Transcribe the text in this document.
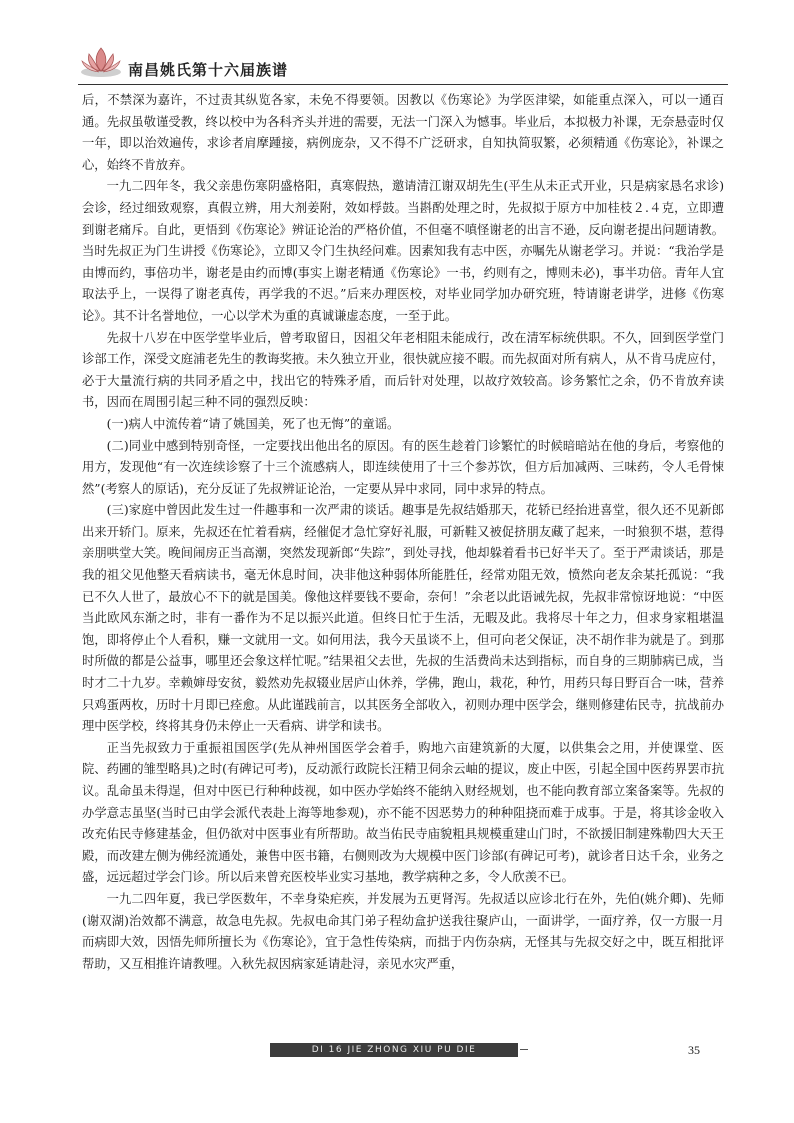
南昌姚氏第十六届族谱

后，不禁深为嘉许，不过责其纵览各家，未免不得要领。因教以《伤寒论》为学医津梁，如能重点深入，可以一通百通。先叔虽敬谨受教，终以校中为各科齐头并进的需要，无法一门深入为憾事。毕业后，本拟极力补课，无奈悬壶时仅一年，即以治效遍传，求诊者肩摩踵接，病例庞杂，又不得不广泛研求，自知执简驭繁，必须精通《伤寒论》，补课之心，始终不肯放弃。

一九二四年冬，我父亲患伤寒阴盛格阳，真寒假热，邀请清江谢双胡先生(平生从未正式开业，只是病家恳名求诊)会诊，经过细致观察，真假立辨，用大剂姜附，效如桴鼓。当斟酌处理之时，先叔拟于原方中加桂枝２.４克，立即遭到谢老痛斥。自此，更悟到《伤寒论》辨证论治的严格价值，不但毫不嗔怪谢老的出言不逊，反向谢老提出问题请教。当时先叔正为门生讲授《伤寒论》，立即又令门生执经问难。因素知我有志中医，亦嘱先从谢老学习。并说：“我治学是由博而约，事倍功半，谢老是由约而博(事实上谢老精通《伤寒论》一书，约则有之，博则未必)，事半功倍。青年人宜取法乎上，一误得了谢老真传，再学我的不迟。”后来办理医校，对毕业同学加办研究班，特请谢老讲学，进修《伤寒论》。其不计名誉地位，一心以学术为重的真诚谦虚态度，一至于此。

先叔十八岁在中医学堂毕业后，曾考取留日，因祖父年老相阻未能成行，改在清军标统供职。不久，回到医学堂门诊部工作，深受文庭浦老先生的教诲奖掖。未久独立开业，很快就应接不暇。而先叔面对所有病人，从不肯马虎应付，必于大量流行病的共同矛盾之中，找出它的特殊矛盾，而后针对处理，以故疗效较高。诊务繁忙之余，仍不肯放弃读书，因而在周围引起三种不同的强烈反映：

(一)病人中流传着“请了姚国美，死了也无悔”的童谣。

(二)同业中感到特别奇怪，一定要找出他出名的原因。有的医生趁着门诊繁忙的时候暗暗站在他的身后，考察他的用方，发现他“有一次连续诊察了十三个流感病人，即连续使用了十三个参苏饮，但方后加减两、三味药，令人毛骨悚然”(考察人的原话)，充分反证了先叔辨证论治，一定要从异中求同，同中求异的特点。

(三)家庭中曾因此发生过一件趣事和一次严肃的谈话。趣事是先叔结婚那天，花轿已经抬进喜堂，很久还不见新郎出来开轿门。原来，先叔还在忙着看病，经催促才急忙穿好礼服，可新鞋又被促挤朋友藏了起来，一时狼狈不堪，惹得亲朋哄堂大笑。晚间闹房正当高潮，突然发现新郎“失踪”，到处寻找，他却躲着看书已好半天了。至于严肃谈话，那是我的祖父见他整天看病读书，毫无休息时间，决非他这种弱体所能胜任，经常劝阻无效，愤然向老友余某托孤说：“我已不久人世了，最放心不下的就是国美。像他这样要钱不要命，奈何！”余老以此语诫先叔，先叔非常惊讶地说：“中医当此欧风东渐之时，非有一番作为不足以振兴此道。但终日忙于生活，无暇及此。我将尽十年之力，但求身家粗堪温饱，即将停止个人看积，赚一文就用一文。如何用法，我今天虽谈不上，但可向老父保证，决不胡作非为就是了。到那时所做的都是公益事，哪里还会象这样忙呢。”结果祖父去世，先叔的生活费尚未达到指标，而自身的三期肺病已成，当时才二十九岁。幸赖婶母安贫，毅然劝先叔辍业居庐山休养，学佛，跑山，栽花，种竹，用药只每日野百合一味，营养只鸡蛋两枚，历时十月即已痊愈。从此谨践前言，以其医务全部收入，初则办理中医学会，继则修建佑民寺，抗战前办理中医学校，终将其身仍未停止一天看病、讲学和读书。

正当先叔致力于重振祖国医学(先从神州国医学会着手，购地六亩建筑新的大厦，以供集会之用，并使课堂、医院、药圃的雏型略具)之时(有碑记可考)，反动派行政院长汪精卫伺余云岫的提议，废止中医，引起全国中医药界罢市抗议。乱命虽未得逞，但对中医已行种种歧视，如中医办学始终不能纳入财经规划，也不能向教育部立案备案等。先叔的办学意志虽坚(当时已由学会派代表赴上海等地参观)，亦不能不因恶势力的种种阻挠而难于成事。于是，将其诊金收入改充佑民寺修建基金，但仍欲对中医事业有所帮助。故当佑民寺庙貌粗具规模重建山门时，不欲援旧制建殊勒四大天王殿，而改建左侧为佛经流通处，兼售中医书籍，右侧则改为大规模中医门诊部(有碑记可考)，就诊者日达千余，业务之盛，远远超过学会门诊。所以后来曾充医校毕业实习基地，教学病种之多，令人欣羡不已。

一九二四年夏，我已学医数年，不幸身染疟疾，并发展为五更肾泻。先叔适以应诊北行在外，先伯(姚介卿)、先师(谢双湖)治效都不满意，故急电先叔。先叔电命其门弟子程幼盒护送我往聚庐山，一面讲学，一面疗养，仅一方服一月而病即大效，因悟先师所擅长为《伤寒论》，宜于急性传染病，而拙于内伤杂病，无怪其与先叔交好之中，既互相批评帮助，又互相推许请教哩。入秋先叔因病家延请赴浔，亲见水灾严重，

DI 16 JIE ZHONG XIU PU DIE	35
